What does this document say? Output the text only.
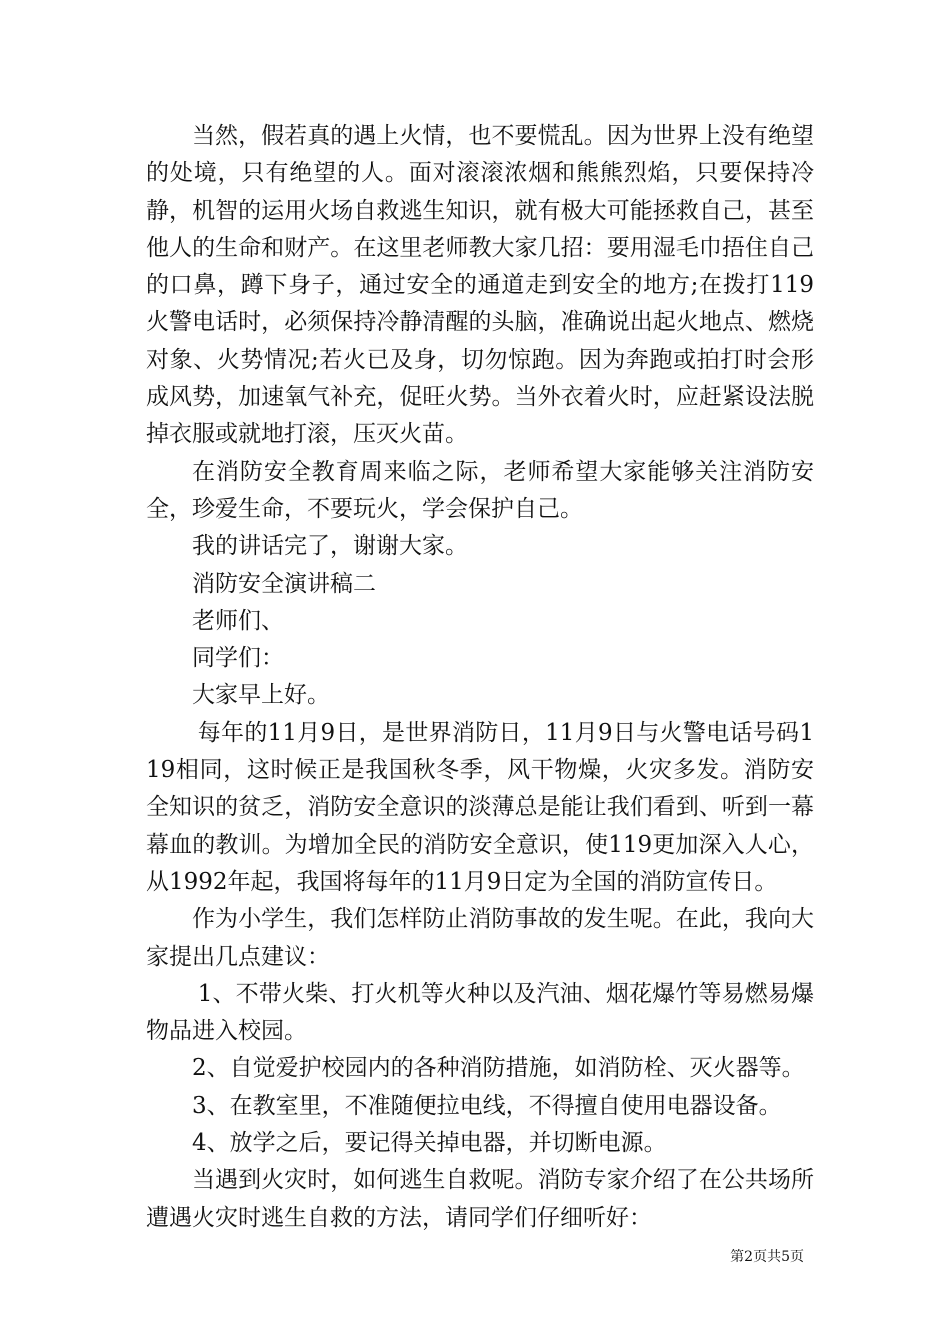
当然，假若真的遇上火情，也不要慌乱。因为世界上没有绝望的处境，只有绝望的人。面对滚滚浓烟和熊熊烈焰，只要保持冷静，机智的运用火场自救逃生知识，就有极大可能拯救自己，甚至他人的生命和财产。在这里老师教大家几招：要用湿毛巾捂住自己的口鼻，蹲下身子，通过安全的通道走到安全的地方;在拨打119火警电话时，必须保持冷静清醒的头脑，准确说出起火地点、燃烧对象、火势情况;若火已及身，切勿惊跑。因为奔跑或拍打时会形成风势，加速氧气补充，促旺火势。当外衣着火时，应赶紧设法脱掉衣服或就地打滚，压灭火苗。

在消防安全教育周来临之际，老师希望大家能够关注消防安全，珍爱生命，不要玩火，学会保护自己。

我的讲话完了，谢谢大家。

消防安全演讲稿二

老师们、

同学们：

大家早上好。

每年的11月9日，是世界消防日，11月9日与火警电话号码119相同，这时候正是我国秋冬季，风干物燥，火灾多发。消防安全知识的贫乏，消防安全意识的淡薄总是能让我们看到、听到一幕幕血的教训。为增加全民的消防安全意识，使119更加深入人心，从1992年起，我国将每年的11月9日定为全国的消防宣传日。

作为小学生，我们怎样防止消防事故的发生呢。在此，我向大家提出几点建议：

1、不带火柴、打火机等火种以及汽油、烟花爆竹等易燃易爆物品进入校园。

2、自觉爱护校园内的各种消防措施，如消防栓、灭火器等。

3、在教室里，不准随便拉电线，不得擅自使用电器设备。

4、放学之后，要记得关掉电器，并切断电源。

当遇到火灾时，如何逃生自救呢。消防专家介绍了在公共场所遭遇火灾时逃生自救的方法，请同学们仔细听好：

第2页共5页
